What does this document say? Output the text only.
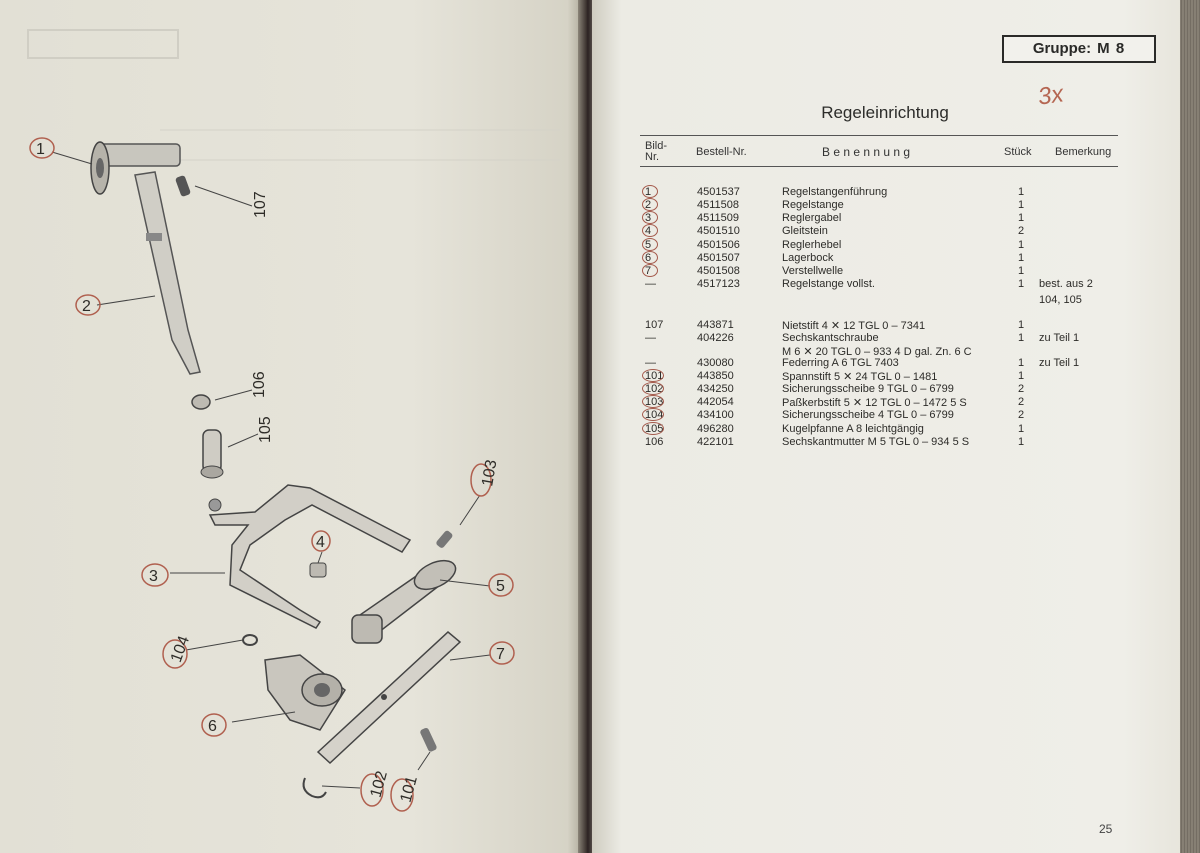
1
107
2
106
105
103
4
5
3
104	7
6
102 101
Gruppe: M 8
3x
Regeleinrichtung
Bild-
Nr.	Bestell-Nr.	B e n e n n u n g	Stück Bemerkung
1	4501537	Regelstangenführung	1
2	4511508	Regelstange	1
3	4511509	Reglergabel	1
4	4501510	Gleitstein	2
5	4501506	Reglerhebel	1
6	4501507	Lagerbock	1
7	4501508	Verstellwelle	1
—	4517123	Regelstange vollst.	1 best. aus 2
104, 105
107	443871	Nietstift 4 ✕ 12 TGL 0 – 7341	1
—	404226	Sechskantschraube	1 zu Teil 1
M 6 ✕ 20 TGL 0 – 933 4 D gal. Zn. 6 C
—	430080	Federring A 6 TGL 7403	1 zu Teil 1
101	443850	Spannstift 5 ✕ 24 TGL 0 – 1481	1
102	434250	Sicherungsscheibe 9 TGL 0 – 6799	2
103	442054	Paßkerbstift 5 ✕ 12 TGL 0 – 1472 5 S	2
104	434100	Sicherungsscheibe 4 TGL 0 – 6799	2
105	496280	Kugelpfanne A 8 leichtgängig	1
106	422101	Sechskantmutter M 5 TGL 0 – 934 5 S	1
25
